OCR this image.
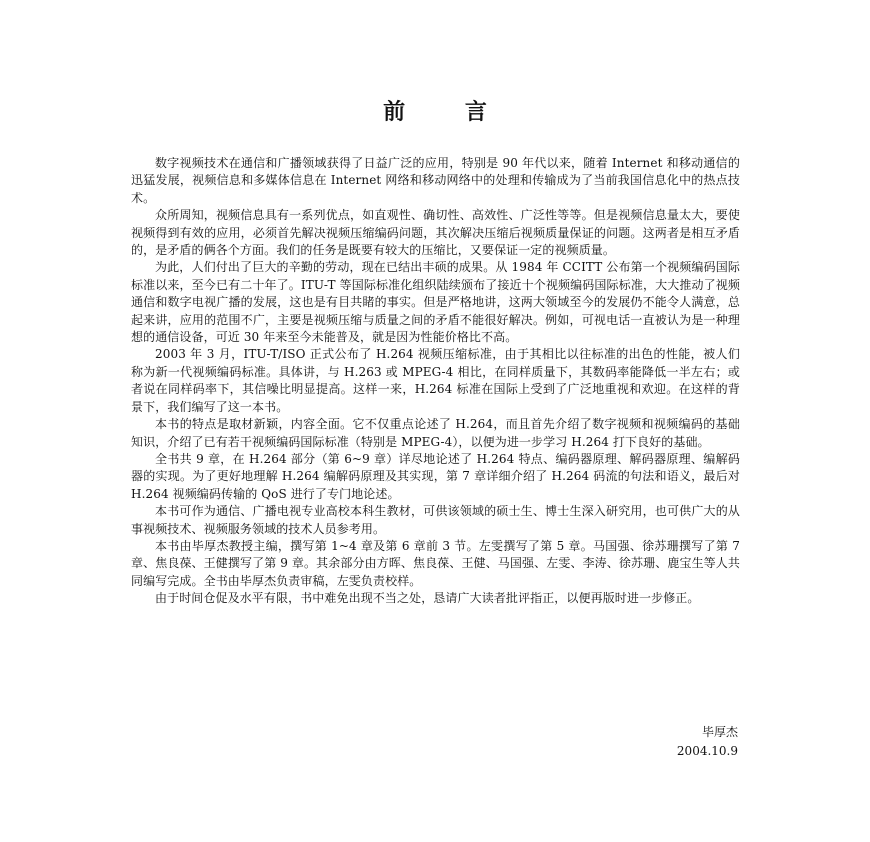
前 言

数字视频技术在通信和广播领域获得了日益广泛的应用，特别是 90 年代以来，随着 Internet 和移动通信的迅猛发展，视频信息和多媒体信息在 Internet 网络和移动网络中的处理和传输成为了当前我国信息化中的热点技术。

众所周知，视频信息具有一系列优点，如直观性、确切性、高效性、广泛性等等。但是视频信息量太大，要使视频得到有效的应用，必须首先解决视频压缩编码问题，其次解决压缩后视频质量保证的问题。这两者是相互矛盾的，是矛盾的俩各个方面。我们的任务是既要有较大的压缩比，又要保证一定的视频质量。

为此，人们付出了巨大的辛勤的劳动，现在已结出丰硕的成果。从 1984 年 CCITT 公布第一个视频编码国际标准以来，至今已有二十年了。ITU-T 等国际标准化组织陆续颁布了接近十个视频编码国际标准，大大推动了视频通信和数字电视广播的发展，这也是有目共睹的事实。但是严格地讲，这两大领域至今的发展仍不能令人满意，总起来讲，应用的范围不广，主要是视频压缩与质量之间的矛盾不能很好解决。例如，可视电话一直被认为是一种理想的通信设备，可近 30 年来至今未能普及，就是因为性能价格比不高。

2003 年 3 月，ITU-T/ISO 正式公布了 H.264 视频压缩标准，由于其相比以往标准的出色的性能，被人们称为新一代视频编码标准。具体讲，与 H.263 或 MPEG-4 相比，在同样质量下，其数码率能降低一半左右；或者说在同样码率下，其信噪比明显提高。这样一来，H.264 标准在国际上受到了广泛地重视和欢迎。在这样的背景下，我们编写了这一本书。

本书的特点是取材新颖，内容全面。它不仅重点论述了 H.264，而且首先介绍了数字视频和视频编码的基础知识，介绍了已有若干视频编码国际标准（特别是 MPEG-4），以便为进一步学习 H.264 打下良好的基础。

全书共 9 章，在 H.264 部分（第 6~9 章）详尽地论述了 H.264 特点、编码器原理、解码器原理、编解码器的实现。为了更好地理解 H.264 编解码原理及其实现，第 7 章详细介绍了 H.264 码流的句法和语义，最后对 H.264 视频编码传输的 QoS 进行了专门地论述。

本书可作为通信、广播电视专业高校本科生教材，可供该领域的硕士生、博士生深入研究用，也可供广大的从事视频技术、视频服务领域的技术人员参考用。

本书由毕厚杰教授主编，撰写第 1~4 章及第 6 章前 3 节。左雯撰写了第 5 章。马国强、徐苏珊撰写了第 7 章、焦良葆、王健撰写了第 9 章。其余部分由方晖、焦良葆、王健、马国强、左雯、李涛、徐苏珊、鹿宝生等人共同编写完成。全书由毕厚杰负责审稿，左雯负责校样。

由于时间仓促及水平有限，书中难免出现不当之处，恳请广大读者批评指正，以便再版时进一步修正。

毕厚杰
2004.10.9
